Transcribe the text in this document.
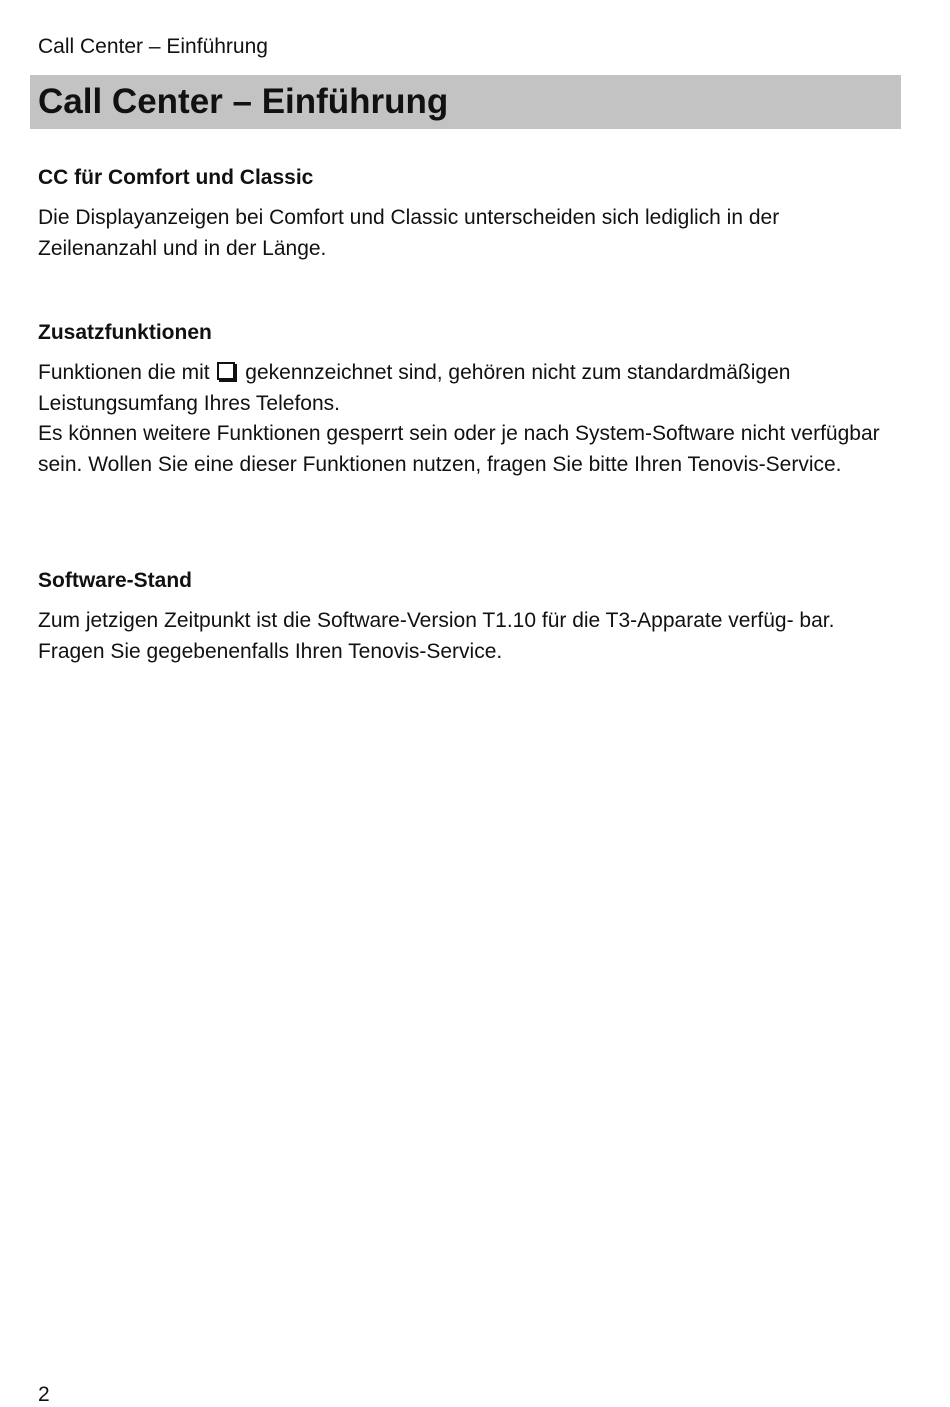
Call Center – Einführung
Call Center – Einführung
CC für Comfort und Classic

Die Displayanzeigen bei Comfort und Classic unterscheiden sich lediglich in der Zeilenanzahl und in der Länge.

Zusatzfunktionen

Funktionen die mit gekennzeichnet sind, gehören nicht zum standardmäßigen Leistungsumfang Ihres Telefons.

Es können weitere Funktionen gesperrt sein oder je nach System-Software nicht verfügbar sein. Wollen Sie eine dieser Funktionen nutzen, fragen Sie bitte Ihren Tenovis-Service.

Software-Stand

Zum jetzigen Zeitpunkt ist die Software-Version T1.10 für die T3-Apparate verfüg- bar. Fragen Sie gegebenenfalls Ihren Tenovis-Service.

2
